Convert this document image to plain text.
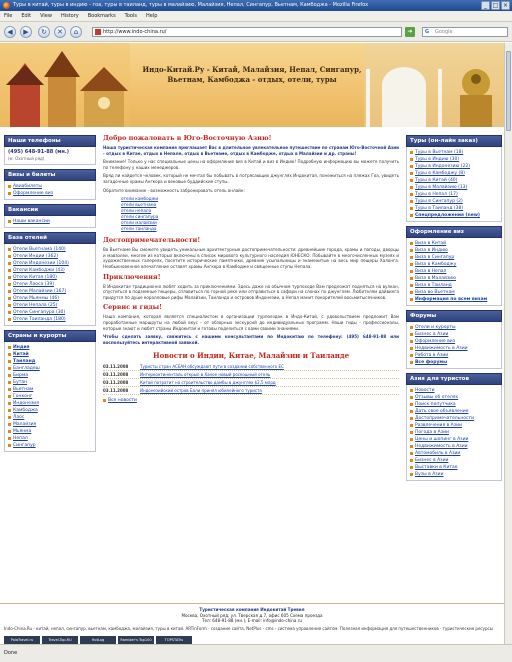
Туры в китай, туры в индию - гоа, туры в таиланд, туры в малайзию, Малайзия, Непал, Сингапур, Вьетнам, Камбоджа - Mozilla Firefox	_ □ ×
File Edit View History Bookmarks Tools Help
◀	▶	↻	✕	⌂	http://www.indo-china.ru/	➜	G Google
Индо-Китай.Ру - Китай, Малайзия, Непал, Сингапур, Вьетнам, Камбоджа - отдых, отели, туры
Наши телефоны
(495) 648-91-88 (мн.)
(м. Охотный ряд)
Визы и билеты
Авиабилеты
Оформление виз
Вакансии
Наши вакансии
База отелей
Отели Вьетнама (140)
Отели Индии (362)
Отели Индонезии (104)
Отели Камбоджи (43)
Отели Китая (180)
Отели Лаоса (39)
Отели Малайзии (167)
Отели Мьянмы (46)
Отели Непала (25)
Отели Сингапура (30)
Отели Таиланда (180)
Страны и курорты
Индия
Китай
Таиланд
Бангладеш
Бирма
Бутан
Вьетнам
Гонконг
Индонезия
Камбоджа
Лаос
Малайзия
Мьянма
Непал
Сингапур
Добро пожаловать в Юго-Восточную Азию!
Наша туристическая компания приглашает Вас в длительное увлекательное путешествие по странам Юго-Восточной Азии - отдых в Китае, отдых в Непале, отдых в Вьетнаме, отдых в Камбодже, отдых в Малайзии и др. страны!
Внимание! Только у нас специальные цены на оформление виз в Китай и виз в Индию! Подробную информацию вы можете получить по телефону у наших менеджеров.
Вряд ли найдется человек, который не мечтал бы побывать в потрясающих джунглях Индокитая, понежиться на пляжах Гоа, увидеть загадочные храмы Ангкора и вековые буддийские ступы.
Обратите внимание - возможность забронировать отель онлайн:
отели камбоджи
отели вьетнама
отели непала
отели сингапура
отели малайзии
отели таиланда
Достопримечательности!
Во Вьетнаме Вы сможете увидеть уникальные архитектурные достопримечательности: древнейшие города, храмы и пагоды, дворцы и мавзолеи, многие из которых включены в список мирового культурного наследия ЮНЕСКО. Побывайте в многочисленных музеях и художественных галереях, посетите исторические памятники, древние усыпальницы и знаменитые на весь мир пещеры Халонга. Необыкновенное впечатление оставят храмы Ангкора в Камбодже и священные ступы Непала.
Приключения!
В Индокитае традиционно любят ходить за приключениями. Здесь даже на обычном турпоходе Вам предложат подняться на вулкан, спуститься в подземные пещеры, сплавиться по горной реке или отправиться в сафари на слонах по джунглям. Любителям дайвинга придутся по душе коралловые рифы Малайзии, Таиланда и островов Индонезии, а Непал манит покорителей восьмитысячников.
Сервис и гиды!
Наша компания, которая является специалистом в организации турпоездок в Индо-Китай, с удовольствием предложит Вам проработанные маршруты на любой вкус - от обзорных экскурсий до индивидуальных программ. Наши гиды - профессионалы, которые знают и любят страны Индокитая и готовы поделиться с вами своими знаниями.
Чтобы сделать заявку, свяжитесь с нашими консультантами по Индокитаю по телефону: (495) 648-91-88 или воспользуйтесь интерактивной заявкой.
Новости о Индии, Китае, Малайзии и Таиланде
03.11.2008	Туристы стран АСЕАН обсуждают пути в создании собственного ЕС
03.11.2008	Интерконтиненталь открыл в Ханое новый роскошный отель
03.11.2008	Китай потратит на строительство дамбы в джунглях $2,5 млрд
03.11.2008	Индонезийский остров Бали принял юбилейного туриста
Все новости
Туры (он-лайн заказ)
Туры в Вьетнам (18)
Туры в Индию (30)
Туры в Индонезию (22)
Туры в Камбоджу (8)
Туры в Китай (40)
Туры в Малайзию (13)
Туры в Непал (17)
Туры в Сингапур (2)
Туры в Таиланд (38)
Спецпредложения (new)
Оформление виз
Виза в Китай
Виза в Индию
Виза в Сингапур
Виза в Камбоджу
Виза в Непал
Виза в Малайзию
Виза в Таиланд
Виза во Вьетнам
Информация по всем визам
Форумы
Отели и курорты
Бизнес в Азии
Оформление виз
Недвижимость в Азии
Работа в Азии
Все форумы
Азия для туристов
Новости
Отзывы об отелях
Поиск попутчика
Дать свое объявление
Достопримечательности
Развлечения в Азии
Погода в Азии
Цены и шопинг в Азии
Недвижимость в Азии
Автомобиль в Азии
Бизнес в Азии
Выставки в Китае
Вузы в Азии
Туристическая компания Индокитай Тревел
Москва, Охотный ряд, ул. Тверская д.7, офис 605 Схема проезда
Тел: 648-91-88 (мн.), E-mail: info@indo-china.ru
Indo-China.Ru - китай, непал, сингапур, вьетнам, камбоджа, малайзия, туры в китай. ARTinForm - создание сайта, NetPlus - cms - система управления сайтом. Полезная информация для путешественников - туристические ресурсы
PolaTravel.ru	Travel-Top.RU	HotLog	Rambler's Top100	TOPSTATru
Done
